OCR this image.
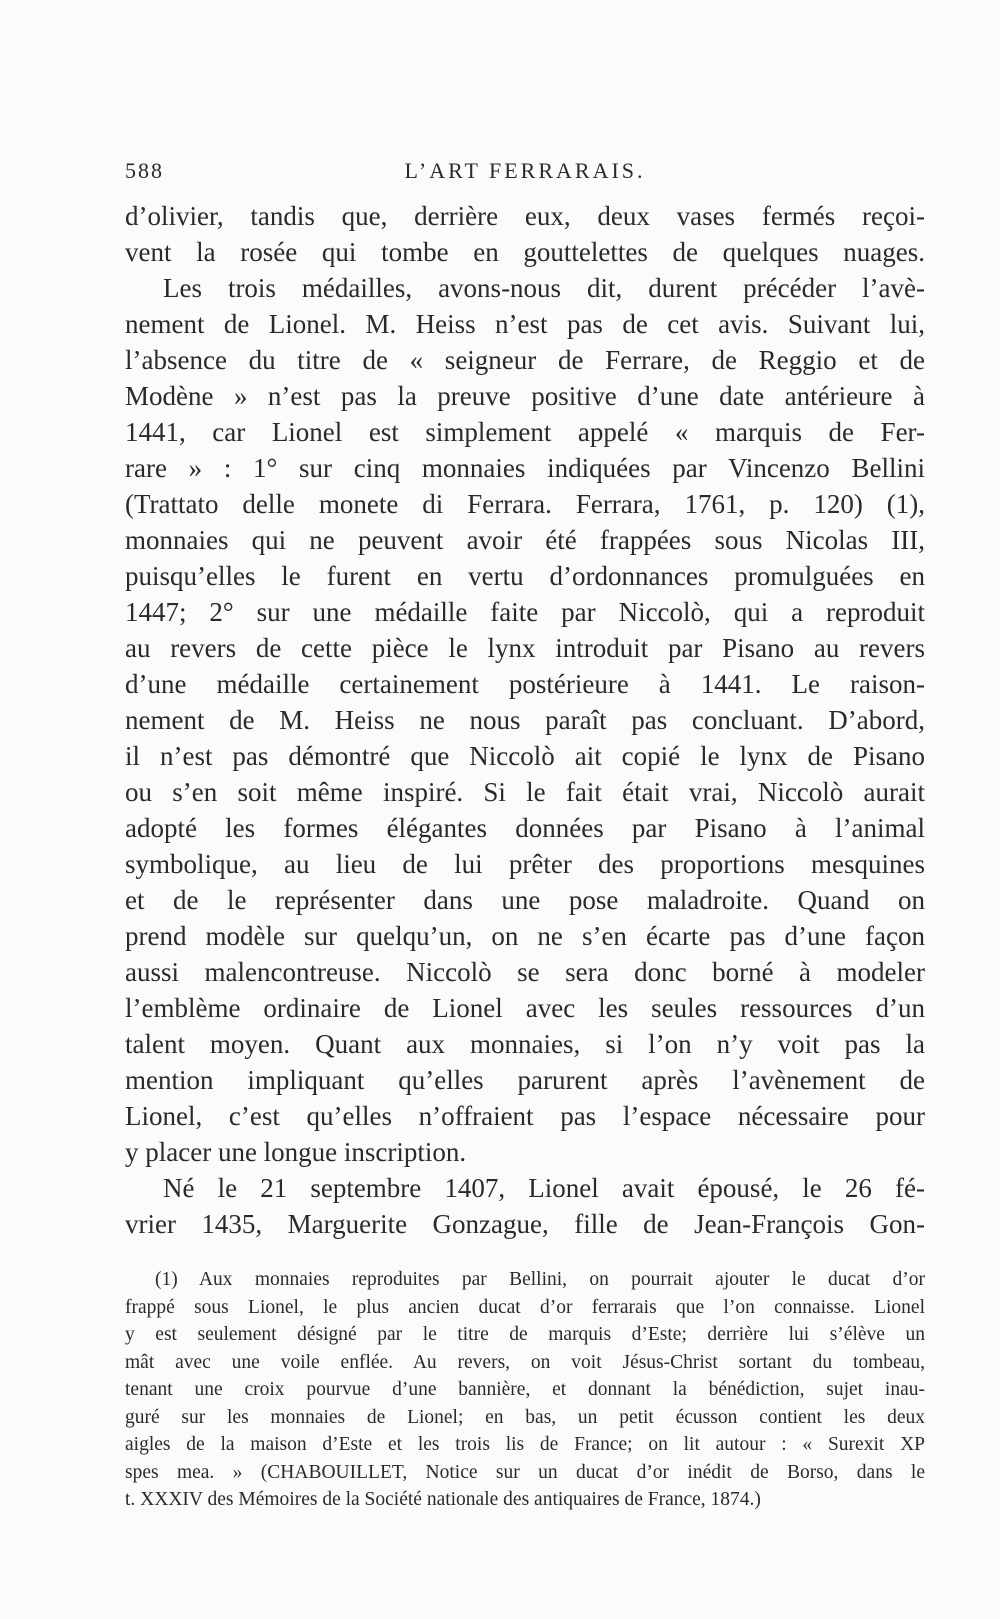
588	L’ART FERRARAIS.
d’olivier, tandis que, derrière eux, deux vases fermés reçoi-
vent la rosée qui tombe en gouttelettes de quelques nuages.
Les trois médailles, avons-nous dit, durent précéder l’avè-
nement de Lionel. M. Heiss n’est pas de cet avis. Suivant lui,
l’absence du titre de « seigneur de Ferrare, de Reggio et de
Modène » n’est pas la preuve positive d’une date antérieure à
1441, car Lionel est simplement appelé « marquis de Fer-
rare » : 1° sur cinq monnaies indiquées par Vincenzo Bellini
(Trattato delle monete di Ferrara. Ferrara, 1761, p. 120) (1),
monnaies qui ne peuvent avoir été frappées sous Nicolas III,
puisqu’elles le furent en vertu d’ordonnances promulguées en
1447; 2° sur une médaille faite par Niccolò, qui a reproduit
au revers de cette pièce le lynx introduit par Pisano au revers
d’une médaille certainement postérieure à 1441. Le raison-
nement de M. Heiss ne nous paraît pas concluant. D’abord,
il n’est pas démontré que Niccolò ait copié le lynx de Pisano
ou s’en soit même inspiré. Si le fait était vrai, Niccolò aurait
adopté les formes élégantes données par Pisano à l’animal
symbolique, au lieu de lui prêter des proportions mesquines
et de le représenter dans une pose maladroite. Quand on
prend modèle sur quelqu’un, on ne s’en écarte pas d’une façon
aussi malencontreuse. Niccolò se sera donc borné à modeler
l’emblème ordinaire de Lionel avec les seules ressources d’un
talent moyen. Quant aux monnaies, si l’on n’y voit pas la
mention impliquant qu’elles parurent après l’avènement de
Lionel, c’est qu’elles n’offraient pas l’espace nécessaire pour
y placer une longue inscription.
Né le 21 septembre 1407, Lionel avait épousé, le 26 fé-
vrier 1435, Marguerite Gonzague, fille de Jean-François Gon-
(1) Aux monnaies reproduites par Bellini, on pourrait ajouter le ducat d’or
frappé sous Lionel, le plus ancien ducat d’or ferrarais que l’on connaisse. Lionel
y est seulement désigné par le titre de marquis d’Este; derrière lui s’élève un
mât avec une voile enflée. Au revers, on voit Jésus-Christ sortant du tombeau,
tenant une croix pourvue d’une bannière, et donnant la bénédiction, sujet inau-
guré sur les monnaies de Lionel; en bas, un petit écusson contient les deux
aigles de la maison d’Este et les trois lis de France; on lit autour : « Surexit XP
spes mea. » (CHABOUILLET, Notice sur un ducat d’or inédit de Borso, dans le
t. XXXIV des Mémoires de la Société nationale des antiquaires de France, 1874.)
